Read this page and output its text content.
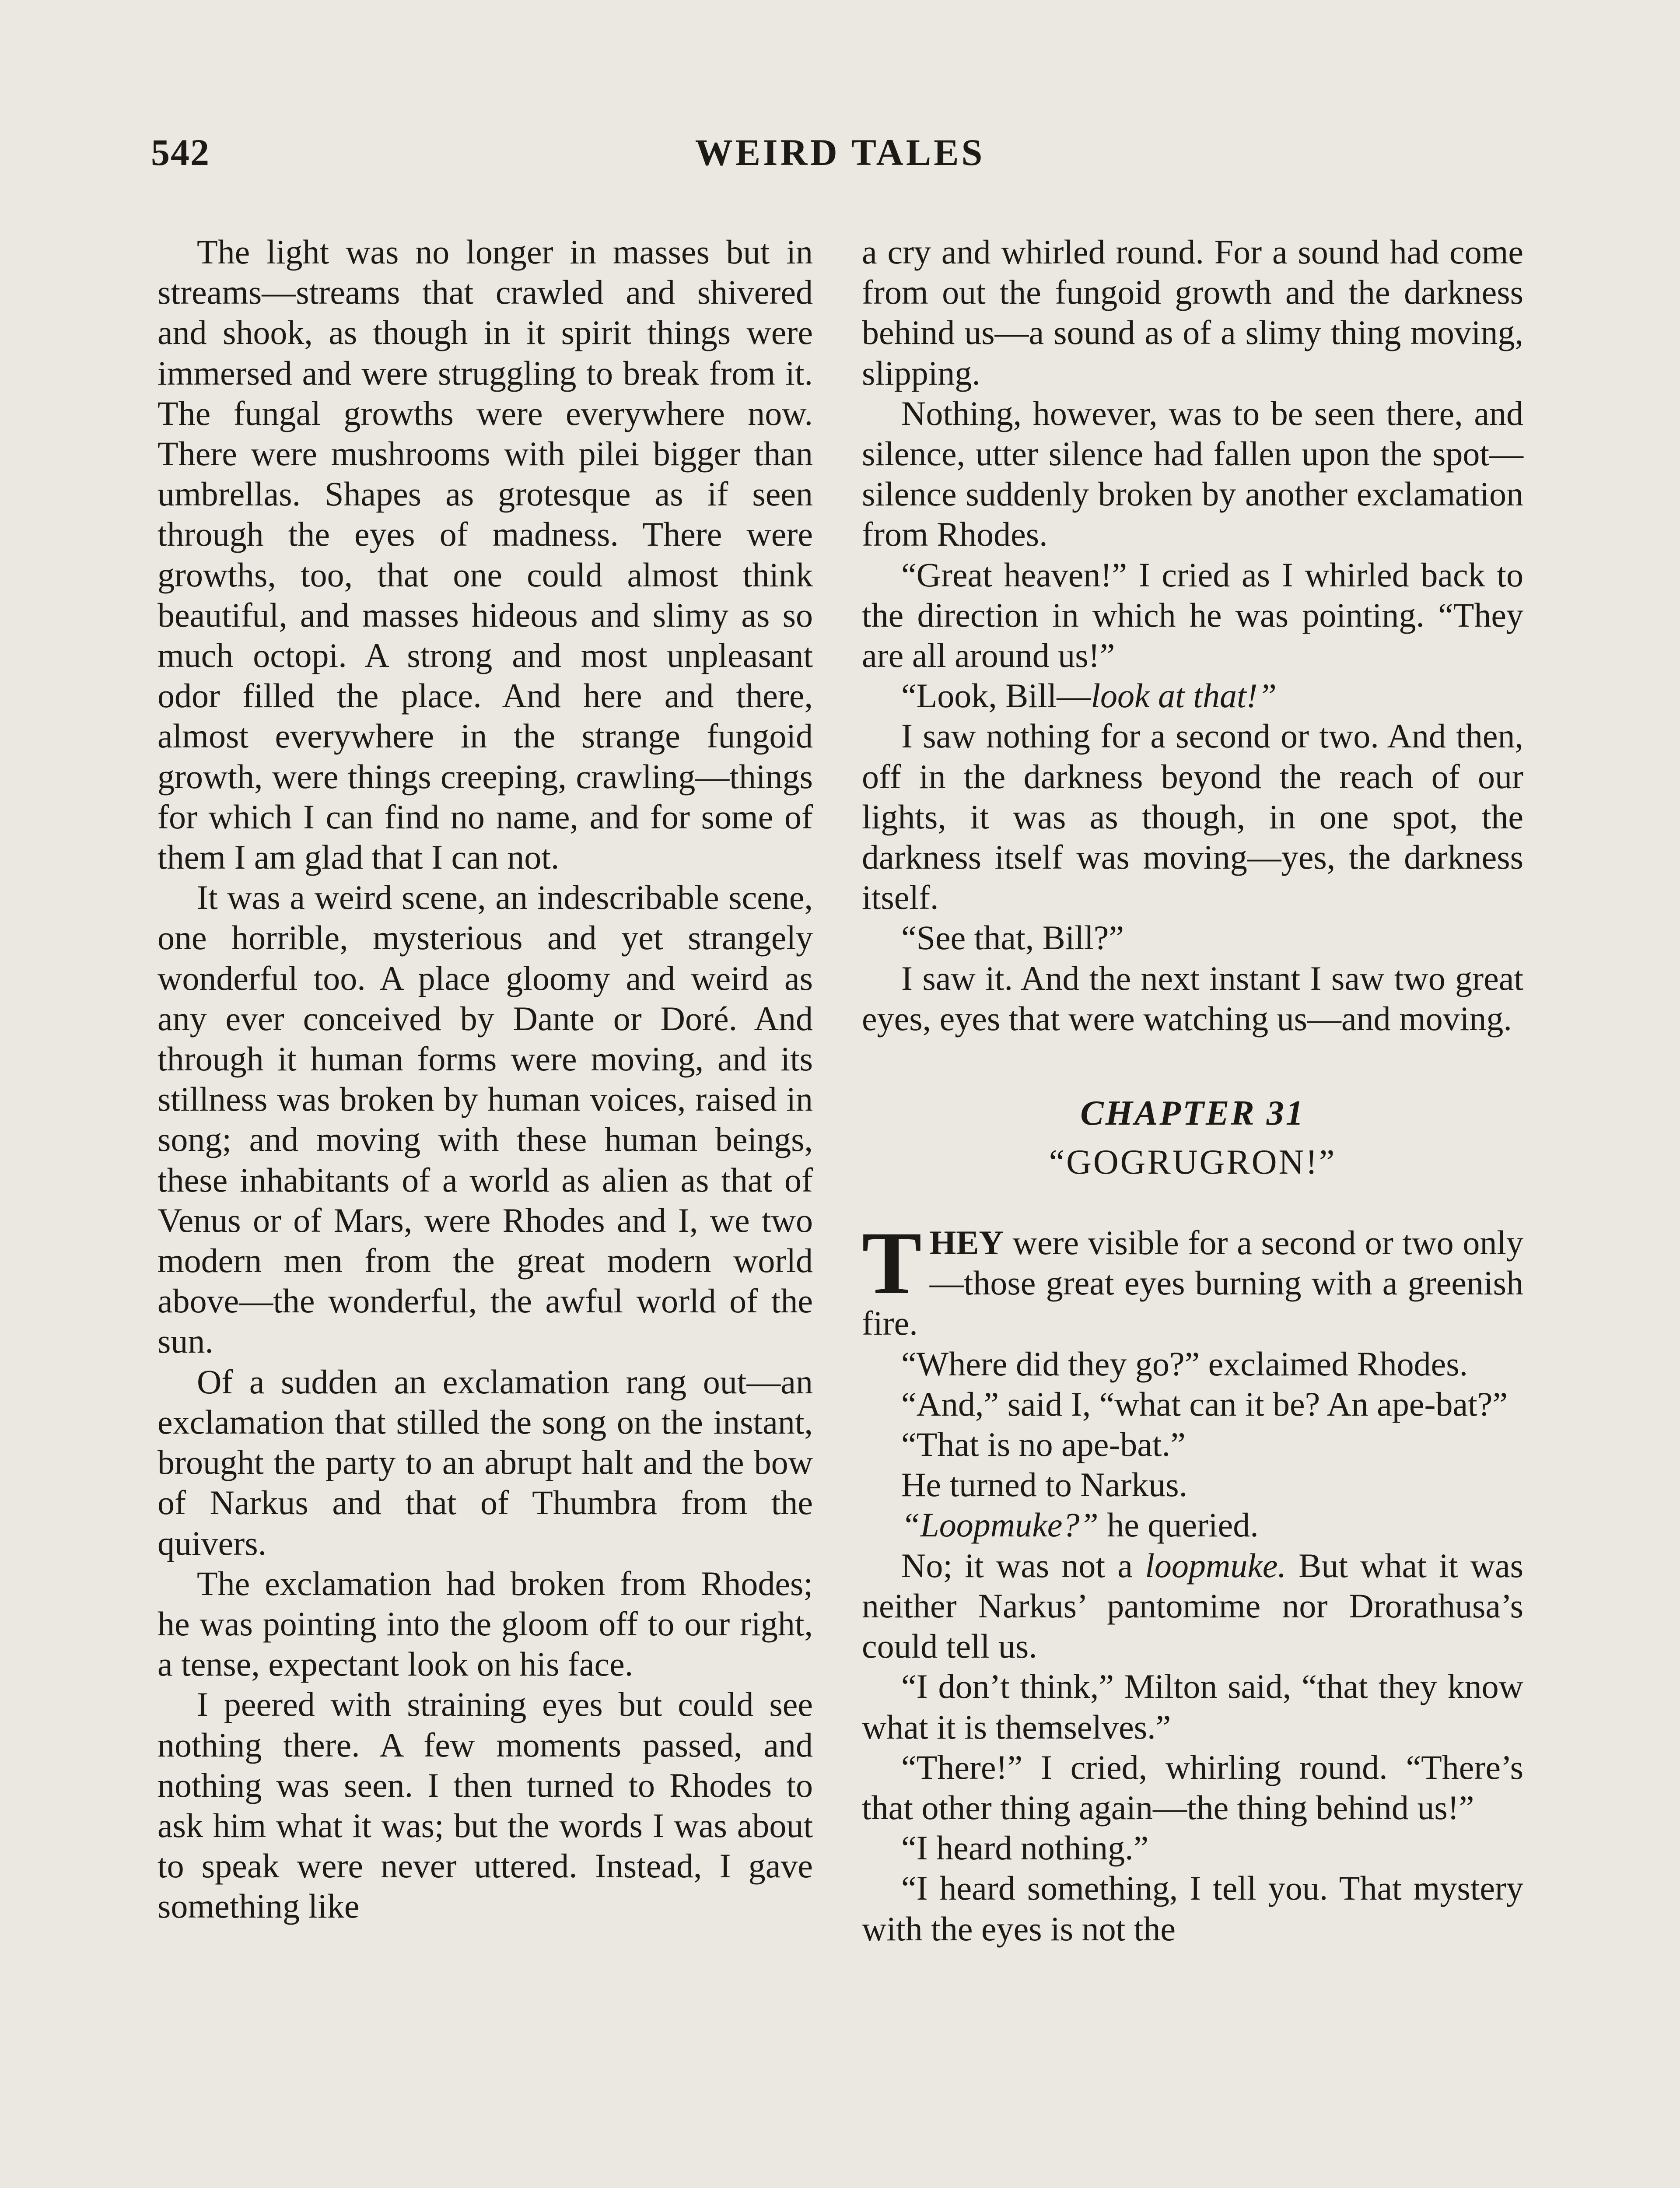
542	WEIRD TALES

The light was no longer in masses but in streams—streams that crawled and shivered and shook, as though in it spirit things were immersed and were struggling to break from it. The fungal growths were everywhere now. There were mushrooms with pilei bigger than umbrellas. Shapes as grotesque as if seen through the eyes of madness. There were growths, too, that one could almost think beautiful, and masses hideous and slimy as so much octopi. A strong and most unpleasant odor filled the place. And here and there, almost everywhere in the strange fungoid growth, were things creeping, crawling—things for which I can find no name, and for some of them I am glad that I can not.

It was a weird scene, an indescribable scene, one horrible, mysterious and yet strangely wonderful too. A place gloomy and weird as any ever conceived by Dante or Doré. And through it human forms were moving, and its stillness was broken by human voices, raised in song; and moving with these human beings, these inhabitants of a world as alien as that of Venus or of Mars, were Rhodes and I, we two modern men from the great modern world above—the wonderful, the awful world of the sun.

Of a sudden an exclamation rang out—an exclamation that stilled the song on the instant, brought the party to an abrupt halt and the bow of Narkus and that of Thumbra from the quivers.

The exclamation had broken from Rhodes; he was pointing into the gloom off to our right, a tense, expectant look on his face.

I peered with straining eyes but could see nothing there. A few moments passed, and nothing was seen. I then turned to Rhodes to ask him what it was; but the words I was about to speak were never uttered. Instead, I gave something like

a cry and whirled round. For a sound had come from out the fungoid growth and the darkness behind us—a sound as of a slimy thing moving, slipping.

Nothing, however, was to be seen there, and silence, utter silence had fallen upon the spot—silence suddenly broken by another exclamation from Rhodes.

“Great heaven!” I cried as I whirled back to the direction in which he was pointing. “They are all around us!”

“Look, Bill—look at that!”

I saw nothing for a second or two. And then, off in the darkness beyond the reach of our lights, it was as though, in one spot, the darkness itself was moving—yes, the darkness itself.

“See that, Bill?”

I saw it. And the next instant I saw two great eyes, eyes that were watching us—and moving.

CHAPTER 31
“GOGRUGRON!”

THEY were visible for a second or two only—those great eyes burning with a greenish fire.

“Where did they go?” exclaimed Rhodes.

“And,” said I, “what can it be? An ape-bat?”

“That is no ape-bat.”

He turned to Narkus.

“Loopmuke?” he queried.

No; it was not a loopmuke. But what it was neither Narkus’ pantomime nor Drorathusa’s could tell us.

“I don’t think,” Milton said, “that they know what it is themselves.”

“There!” I cried, whirling round. “There’s that other thing again—the thing behind us!”

“I heard nothing.”

“I heard something, I tell you. That mystery with the eyes is not the
